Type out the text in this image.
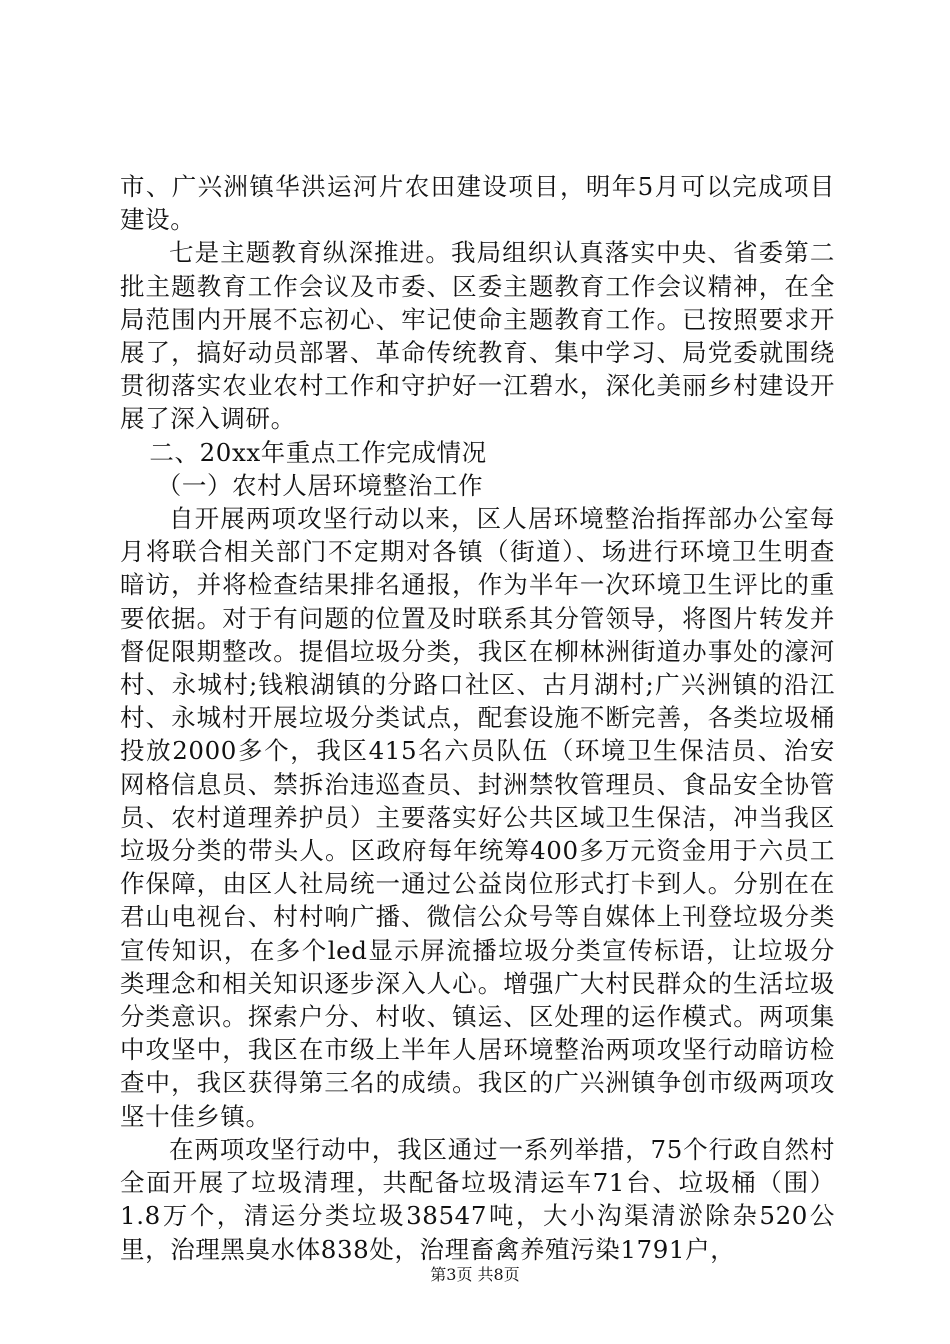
市、广兴洲镇华洪运河片农田建设项目，明年5月可以完成项目建设。

七是主题教育纵深推进。我局组织认真落实中央、省委第二批主题教育工作会议及市委、区委主题教育工作会议精神，在全局范围内开展不忘初心、牢记使命主题教育工作。已按照要求开展了，搞好动员部署、革命传统教育、集中学习、局党委就围绕贯彻落实农业农村工作和守护好一江碧水，深化美丽乡村建设开展了深入调研。

二、20xx年重点工作完成情况

（一）农村人居环境整治工作

自开展两项攻坚行动以来，区人居环境整治指挥部办公室每月将联合相关部门不定期对各镇（街道）、场进行环境卫生明查暗访，并将检查结果排名通报，作为半年一次环境卫生评比的重要依据。对于有问题的位置及时联系其分管领导，将图片转发并督促限期整改。提倡垃圾分类，我区在柳林洲街道办事处的濠河村、永城村;钱粮湖镇的分路口社区、古月湖村;广兴洲镇的沿江村、永城村开展垃圾分类试点，配套设施不断完善，各类垃圾桶投放2000多个，我区415名六员队伍（环境卫生保洁员、治安网格信息员、禁拆治违巡查员、封洲禁牧管理员、食品安全协管员、农村道理养护员）主要落实好公共区域卫生保洁，冲当我区垃圾分类的带头人。区政府每年统筹400多万元资金用于六员工作保障，由区人社局统一通过公益岗位形式打卡到人。分别在在君山电视台、村村响广播、微信公众号等自媒体上刊登垃圾分类宣传知识，在多个led显示屏流播垃圾分类宣传标语，让垃圾分类理念和相关知识逐步深入人心。增强广大村民群众的生活垃圾分类意识。探索户分、村收、镇运、区处理的运作模式。两项集中攻坚中，我区在市级上半年人居环境整治两项攻坚行动暗访检查中，我区获得第三名的成绩。我区的广兴洲镇争创市级两项攻坚十佳乡镇。

在两项攻坚行动中，我区通过一系列举措，75个行政自然村全面开展了垃圾清理，共配备垃圾清运车71台、垃圾桶（围）1.8万个，清运分类垃圾38547吨，大小沟渠清淤除杂520公里，治理黑臭水体838处，治理畜禽养殖污染1791户，

第3页 共8页
